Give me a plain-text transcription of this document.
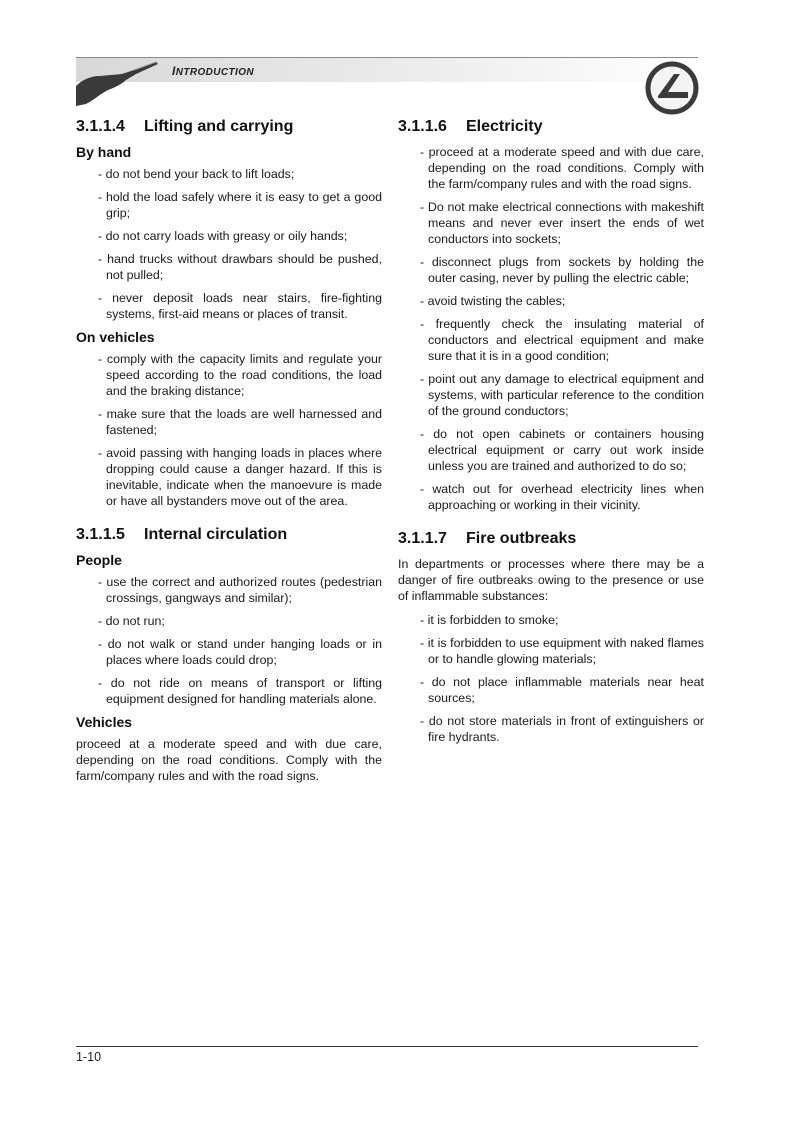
INTRODUCTION
3.1.1.4	Lifting and carrying
By hand
- do not bend your back to lift loads;
- hold the load safely where it is easy to get a good grip;
- do not carry loads with greasy or oily hands;
- hand trucks without drawbars should be pushed, not pulled;
- never deposit loads near stairs, fire-fighting systems, first-aid means or places of transit.
On vehicles
- comply with the capacity limits and regulate your speed according to the road conditions, the load and the braking distance;
- make sure that the loads are well harnessed and fastened;
- avoid passing with hanging loads in places where dropping could cause a danger hazard. If this is inevitable, indicate when the manoevure is made or have all bystanders move out of the area.
3.1.1.5	Internal circulation
People
- use the correct and authorized routes (pedestrian crossings, gangways and similar);
- do not run;
- do not walk or stand under hanging loads or in places where loads could drop;
- do not ride on means of transport or lifting equipment designed for handling materials alone.
Vehicles

proceed at a moderate speed and with due care, depending on the road conditions. Comply with the farm/company rules and with the road signs.

3.1.1.6	Electricity
- proceed at a moderate speed and with due care, depending on the road conditions. Comply with the farm/company rules and with the road signs.
- Do not make electrical connections with makeshift means and never ever insert the ends of wet conductors into sockets;
- disconnect plugs from sockets by holding the outer casing, never by pulling the electric cable;
- avoid twisting the cables;
- frequently check the insulating material of conductors and electrical equipment and make sure that it is in a good condition;
- point out any damage to electrical equipment and systems, with particular reference to the condition of the ground conductors;
- do not open cabinets or containers housing electrical equipment or carry out work inside unless you are trained and authorized to do so;
- watch out for overhead electricity lines when approaching or working in their vicinity.
3.1.1.7	Fire outbreaks

In departments or processes where there may be a danger of fire outbreaks owing to the presence or use of inflammable substances:

- it is forbidden to smoke;
- it is forbidden to use equipment with naked flames or to handle glowing materials;
- do not place inflammable materials near heat sources;
- do not store materials in front of extinguishers or fire hydrants.
1-10
